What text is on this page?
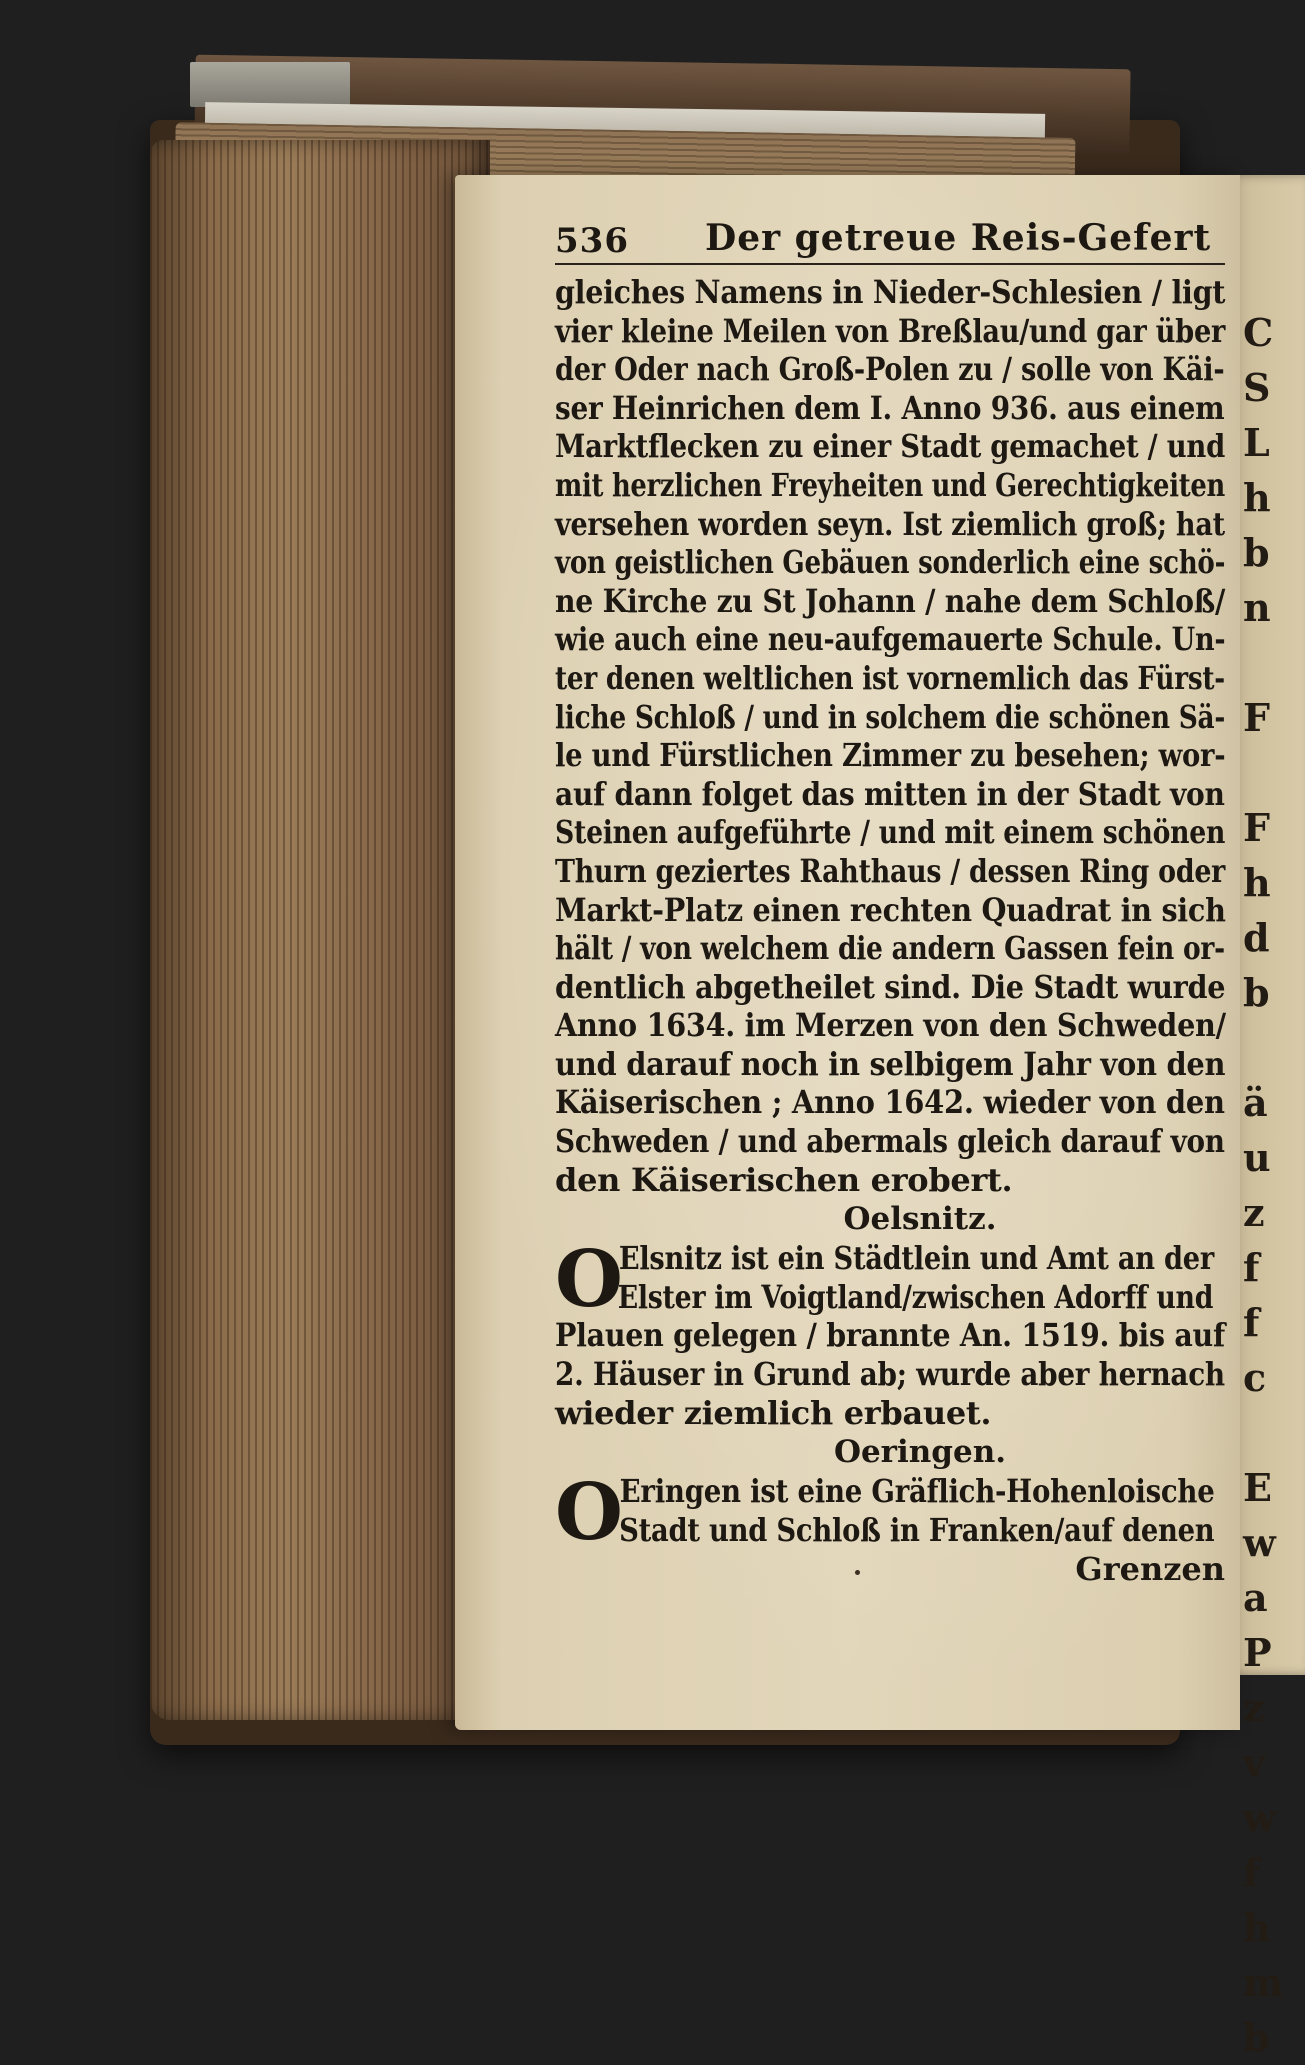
C
S
L
h
b
n

F

F
h
d
b

ä
u
z
f
f
c

E
w
a
P
z
v
w
f
h
m
b
536 Der getreue Reis-Gefert
gleiches Namens in Nieder-Schlesien / ligt
vier kleine Meilen von Breßlau/und gar über
der Oder nach Groß-Polen zu / solle von Käi-
ser Heinrichen dem I. Anno 936. aus einem
Marktflecken zu einer Stadt gemachet / und
mit herzlichen Freyheiten und Gerechtigkeiten
versehen worden seyn. Ist ziemlich groß; hat
von geistlichen Gebäuen sonderlich eine schö-
ne Kirche zu St Johann / nahe dem Schloß/
wie auch eine neu-aufgemauerte Schule. Un-
ter denen weltlichen ist vornemlich das Fürst-
liche Schloß / und in solchem die schönen Sä-
le und Fürstlichen Zimmer zu besehen; wor-
auf dann folget das mitten in der Stadt von
Steinen aufgeführte / und mit einem schönen
Thurn geziertes Rahthaus / dessen Ring oder
Markt-Platz einen rechten Quadrat in sich
hält / von welchem die andern Gassen fein or-
dentlich abgetheilet sind. Die Stadt wurde
Anno 1634. im Merzen von den Schweden/
und darauf noch in selbigem Jahr von den
Käiserischen ; Anno 1642. wieder von den
Schweden / und abermals gleich darauf von
den Käiserischen erobert.
Oelsnitz.
O
Elsnitz ist ein Städtlein und Amt an der
Elster im Voigtland/zwischen Adorff und
Plauen gelegen / brannte An. 1519. bis auf
2. Häuser in Grund ab; wurde aber hernach
wieder ziemlich erbauet.
Oeringen.
O
Eringen ist eine Gräflich-Hohenloische
Stadt und Schloß in Franken/auf denen
Grenzen
